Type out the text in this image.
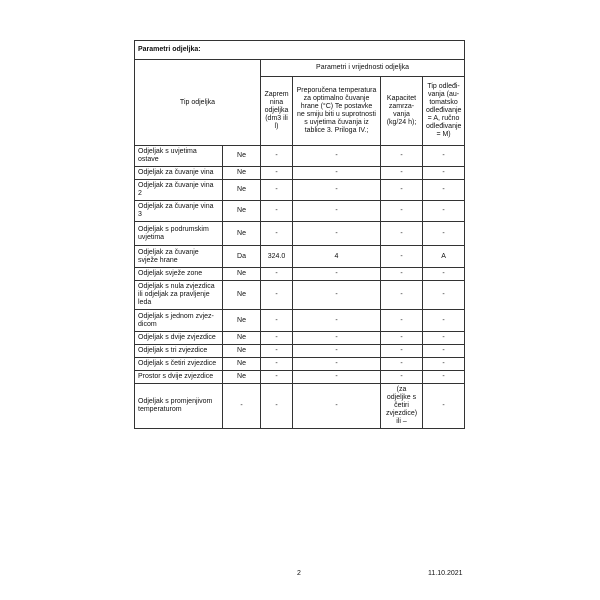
Parametri odjeljka:					
Tip odjeljka		Parametri i vrijednosti odjeljka			
		Zaprem nina odjeljka (dm3 ili l)	Preporučena temperatura za optimalno čuvanje hrane (°C) Te postavke ne smiju biti u suprotnosti s uvjetima čuvanja iz tablice 3. Priloga IV.;	Kapacitet zamrzavanja (kg/24 h);	Tip odleđivanja (automatsko odleđivanje = A, ručno odleđivanje = M)
Odjeljak s uvjetima ostave	Ne	-	-	-	-
Odjeljak za čuvanje vina	Ne	-	-	-	-
Odjeljak za čuvanje vina 2	Ne	-	-	-	-
Odjeljak za čuvanje vina 3	Ne	-	-	-	-
Odjeljak s podrumskim uvjetima	Ne	-	-	-	-
Odjeljak za čuvanje svježe hrane	Da	324.0	4	-	A
Odjeljak svježe zone	Ne	-	-	-	-
Odjeljak s nula zvjezdica ili odjeljak za pravljenje leda	Ne	-	-	-	-
Odjeljak s jednom zvjezdicom	Ne	-	-	-	-
Odjeljak s dvije zvjezdice	Ne	-	-	-	-
Odjeljak s tri zvjezdice	Ne	-	-	-	-
Odjeljak s četiri zvjezdice	Ne	-	-	-	-
Prostor s dvije zvjezdice	Ne	-	-	-	-
Odjeljak s promjenjivom temperaturom	-	-	-	(za odjeljke s četiri zvjezdice) ili –	-
2	11.10.2021
